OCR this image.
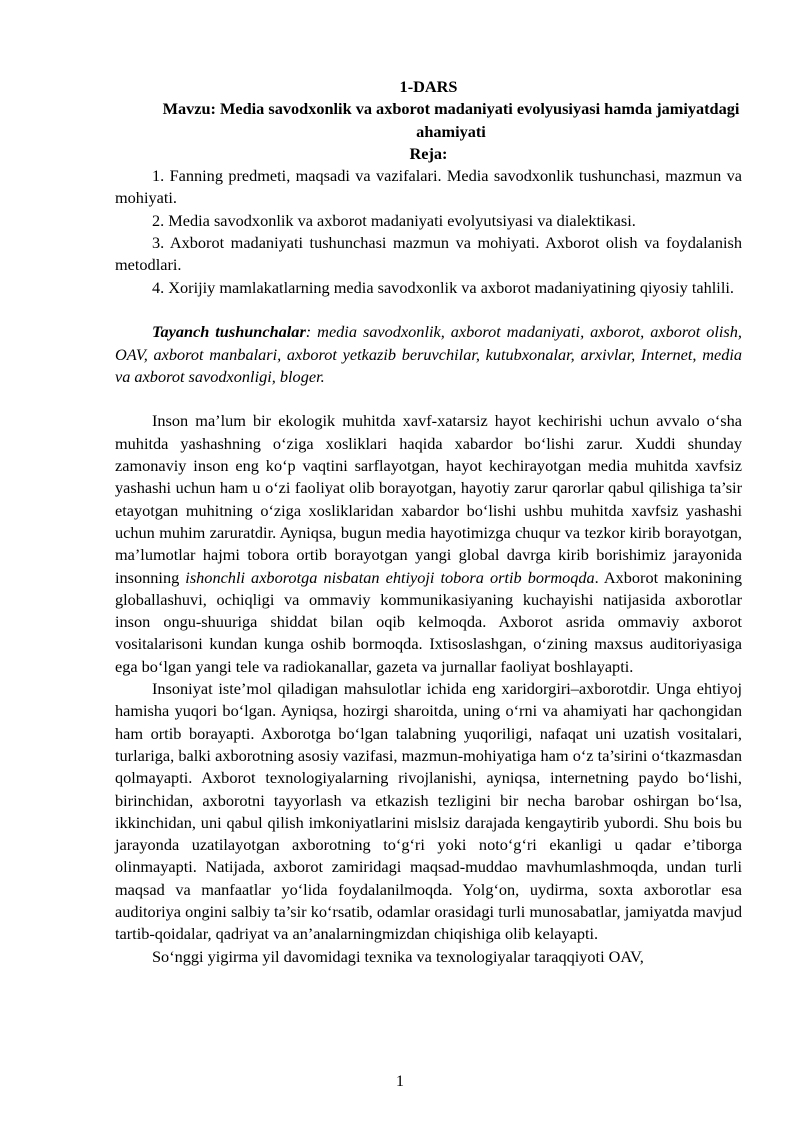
1-DARS
Mavzu: Media savodxonlik va axborot madaniyati evolyusiyasi hamda jamiyatdagi ahamiyati
Reja:

1. Fanning predmeti, maqsadi va vazifalari. Media savodxonlik tushunchasi, mazmun va mohiyati.

2. Media savodxonlik va axborot madaniyati evolyutsiyasi va dialektikasi.

3. Axborot madaniyati tushunchasi mazmun va mohiyati. Axborot olish va foydalanish metodlari.

4. Xorijiy mamlakatlarning media savodxonlik va axborot madaniyatining qiyosiy tahlili.

Tayanch tushunchalar: media savodxonlik, axborot madaniyati, axborot, axborot olish, OAV, axborot manbalari, axborot yetkazib beruvchilar, kutubxonalar, arxivlar, Internet, media va axborot savodxonligi, bloger.

Inson ma’lum bir ekologik muhitda xavf-xatarsiz hayot kechirishi uchun avvalo o‘sha muhitda yashashning o‘ziga xosliklari haqida xabardor bo‘lishi zarur. Xuddi shunday zamonaviy inson eng ko‘p vaqtini sarflayotgan, hayot kechirayotgan media muhitda xavfsiz yashashi uchun ham u o‘zi faoliyat olib borayotgan, hayotiy zarur qarorlar qabul qilishiga ta’sir etayotgan muhitning o‘ziga xosliklaridan xabardor bo‘lishi ushbu muhitda xavfsiz yashashi uchun muhim zaruratdir. Ayniqsa, bugun media hayotimizga chuqur va tezkor kirib borayotgan, ma’lumotlar hajmi tobora ortib borayotgan yangi global davrga kirib borishimiz jarayonida insonning ishonchli axborotga nisbatan ehtiyoji tobora ortib bormoqda. Axborot makonining globallashuvi, ochiqligi va ommaviy kommunikasiyaning kuchayishi natijasida axborotlar inson ongu-shuuriga shiddat bilan oqib kelmoqda. Axborot asrida ommaviy axborot vositalarisoni kundan kunga oshib bormoqda. Ixtisoslashgan, o‘zining maxsus auditoriyasiga ega bo‘lgan yangi tele va radiokanallar, gazeta va jurnallar faoliyat boshlayapti.

Insoniyat iste’mol qiladigan mahsulotlar ichida eng xaridorgiri–axborotdir. Unga ehtiyoj hamisha yuqori bo‘lgan. Ayniqsa, hozirgi sharoitda, uning o‘rni va ahamiyati har qachongidan ham ortib borayapti. Axborotga bo‘lgan talabning yuqoriligi, nafaqat uni uzatish vositalari, turlariga, balki axborotning asosiy vazifasi, mazmun-mohiyatiga ham o‘z ta’sirini o‘tkazmasdan qolmayapti. Axborot texnologiyalarning rivojlanishi, ayniqsa, internetning paydo bo‘lishi, birinchidan, axborotni tayyorlash va etkazish tezligini bir necha barobar oshirgan bo‘lsa, ikkinchidan, uni qabul qilish imkoniyatlarini mislsiz darajada kengaytirib yubordi. Shu bois bu jarayonda uzatilayotgan axborotning to‘g‘ri yoki noto‘g‘ri ekanligi u qadar e’tiborga olinmayapti. Natijada, axborot zamiridagi maqsad-muddao mavhumlashmoqda, undan turli maqsad va manfaatlar yo‘lida foydalanilmoqda. Yolg‘on, uydirma, soxta axborotlar esa auditoriya ongini salbiy ta’sir ko‘rsatib, odamlar orasidagi turli munosabatlar, jamiyatda mavjud tartib-qoidalar, qadriyat va an’analarningmizdan chiqishiga olib kelayapti.

So‘nggi yigirma yil davomidagi texnika va texnologiyalar taraqqiyoti OAV,

1
